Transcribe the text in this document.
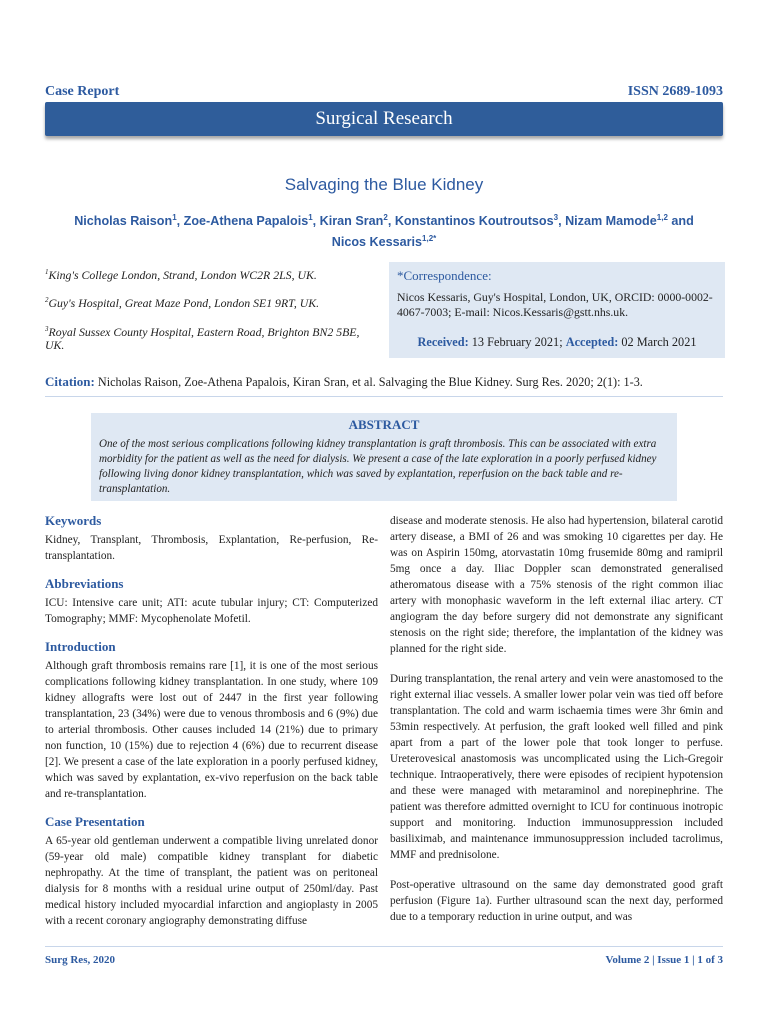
Case Report	ISSN 2689-1093
Surgical Research
Salvaging the Blue Kidney
Nicholas Raison$^1$, Zoe-Athena Papalois$^1$, Kiran Sran$^2$, Konstantinos Koutroutsos$^3$, Nizam Mamode$^{1,2}$ and
Nicos Kessaris$^{1,2*}$
$^1$King's College London, Strand, London WC2R 2LS, UK.
$^2$Guy's Hospital, Great Maze Pond, London SE1 9RT, UK.
$^3$Royal Sussex County Hospital, Eastern Road, Brighton BN2 5BE, UK.
*Correspondence:
Nicos Kessaris, Guy's Hospital, London, UK, ORCID: 0000-0002-4067-7003; E-mail: Nicos.Kessaris@gstt.nhs.uk.
Received: 13 February 2021; Accepted: 02 March 2021
Citation: Nicholas Raison, Zoe-Athena Papalois, Kiran Sran, et al. Salvaging the Blue Kidney. Surg Res. 2020; 2(1): 1-3.
ABSTRACT
One of the most serious complications following kidney transplantation is graft thrombosis. This can be associated with extra morbidity for the patient as well as the need for dialysis. We present a case of the late exploration in a poorly perfused kidney following living donor kidney transplantation, which was saved by explantation, reperfusion on the back table and re-transplantation.
Keywords

Kidney, Transplant, Thrombosis, Explantation, Re-perfusion, Re-transplantation.

Abbreviations

ICU: Intensive care unit; ATI: acute tubular injury; CT: Computerized Tomography; MMF: Mycophenolate Mofetil.

Introduction

Although graft thrombosis remains rare [1], it is one of the most serious complications following kidney transplantation. In one study, where 109 kidney allografts were lost out of 2447 in the first year following transplantation, 23 (34%) were due to venous thrombosis and 6 (9%) due to arterial thrombosis. Other causes included 14 (21%) due to primary non function, 10 (15%) due to rejection 4 (6%) due to recurrent disease [2]. We present a case of the late exploration in a poorly perfused kidney, which was saved by explantation, ex-vivo reperfusion on the back table and re-transplantation.

Case Presentation

A 65-year old gentleman underwent a compatible living unrelated donor (59-year old male) compatible kidney transplant for diabetic nephropathy. At the time of transplant, the patient was on peritoneal dialysis for 8 months with a residual urine output of 250ml/day. Past medical history included myocardial infarction and angioplasty in 2005 with a recent coronary angiography demonstrating diffuse

disease and moderate stenosis. He also had hypertension, bilateral carotid artery disease, a BMI of 26 and was smoking 10 cigarettes per day. He was on Aspirin 150mg, atorvastatin 10mg frusemide 80mg and ramipril 5mg once a day. Iliac Doppler scan demonstrated generalised atheromatous disease with a 75% stenosis of the right common iliac artery with monophasic waveform in the left external iliac artery. CT angiogram the day before surgery did not demonstrate any significant stenosis on the right side; therefore, the implantation of the kidney was planned for the right side.

During transplantation, the renal artery and vein were anastomosed to the right external iliac vessels. A smaller lower polar vein was tied off before transplantation. The cold and warm ischaemia times were 3hr 6min and 53min respectively. At perfusion, the graft looked well filled and pink apart from a part of the lower pole that took longer to perfuse. Ureterovesical anastomosis was uncomplicated using the Lich-Gregoir technique. Intraoperatively, there were episodes of recipient hypotension and these were managed with metaraminol and norepinephrine. The patient was therefore admitted overnight to ICU for continuous inotropic support and monitoring. Induction immunosuppression included basiliximab, and maintenance immunosuppression included tacrolimus, MMF and prednisolone.

Post-operative ultrasound on the same day demonstrated good graft perfusion (Figure 1a). Further ultrasound scan the next day, performed due to a temporary reduction in urine output, and was

Surg Res, 2020	Volume 2 | Issue 1 | 1 of 3
